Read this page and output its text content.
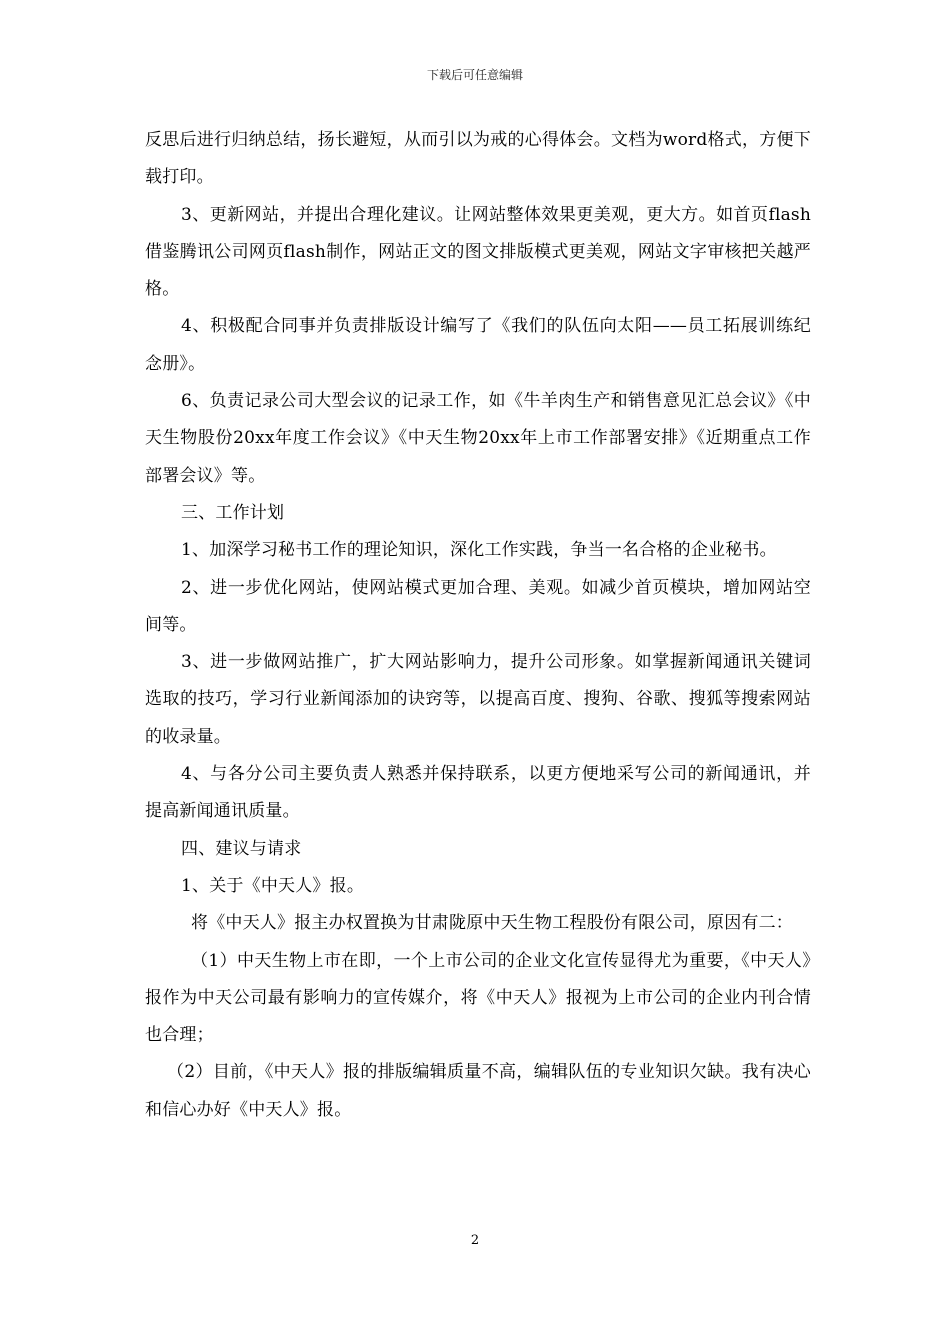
下载后可任意编辑

反思后进行归纳总结，扬长避短，从而引以为戒的心得体会。文档为word格式，方便下载打印。

3、更新网站，并提出合理化建议。让网站整体效果更美观，更大方。如首页flash借鉴腾讯公司网页flash制作，网站正文的图文排版模式更美观，网站文字审核把关越严格。

4、积极配合同事并负责排版设计编写了《我们的队伍向太阳——员工拓展训练纪念册》。

6、负责记录公司大型会议的记录工作，如《牛羊肉生产和销售意见汇总会议》《中天生物股份20xx年度工作会议》《中天生物20xx年上市工作部署安排》《近期重点工作部署会议》等。

三、工作计划

1、加深学习秘书工作的理论知识，深化工作实践，争当一名合格的企业秘书。

2、进一步优化网站，使网站模式更加合理、美观。如减少首页模块，增加网站空间等。

3、进一步做网站推广，扩大网站影响力，提升公司形象。如掌握新闻通讯关键词选取的技巧，学习行业新闻添加的诀窍等，以提高百度、搜狗、谷歌、搜狐等搜索网站的收录量。

4、与各分公司主要负责人熟悉并保持联系，以更方便地采写公司的新闻通讯，并提高新闻通讯质量。

四、建议与请求

1、关于《中天人》报。

将《中天人》报主办权置换为甘肃陇原中天生物工程股份有限公司，原因有二：

（1）中天生物上市在即，一个上市公司的企业文化宣传显得尤为重要，《中天人》报作为中天公司最有影响力的宣传媒介，将《中天人》报视为上市公司的企业内刊合情也合理；

（2）目前，《中天人》报的排版编辑质量不高，编辑队伍的专业知识欠缺。我有决心和信心办好《中天人》报。

2
